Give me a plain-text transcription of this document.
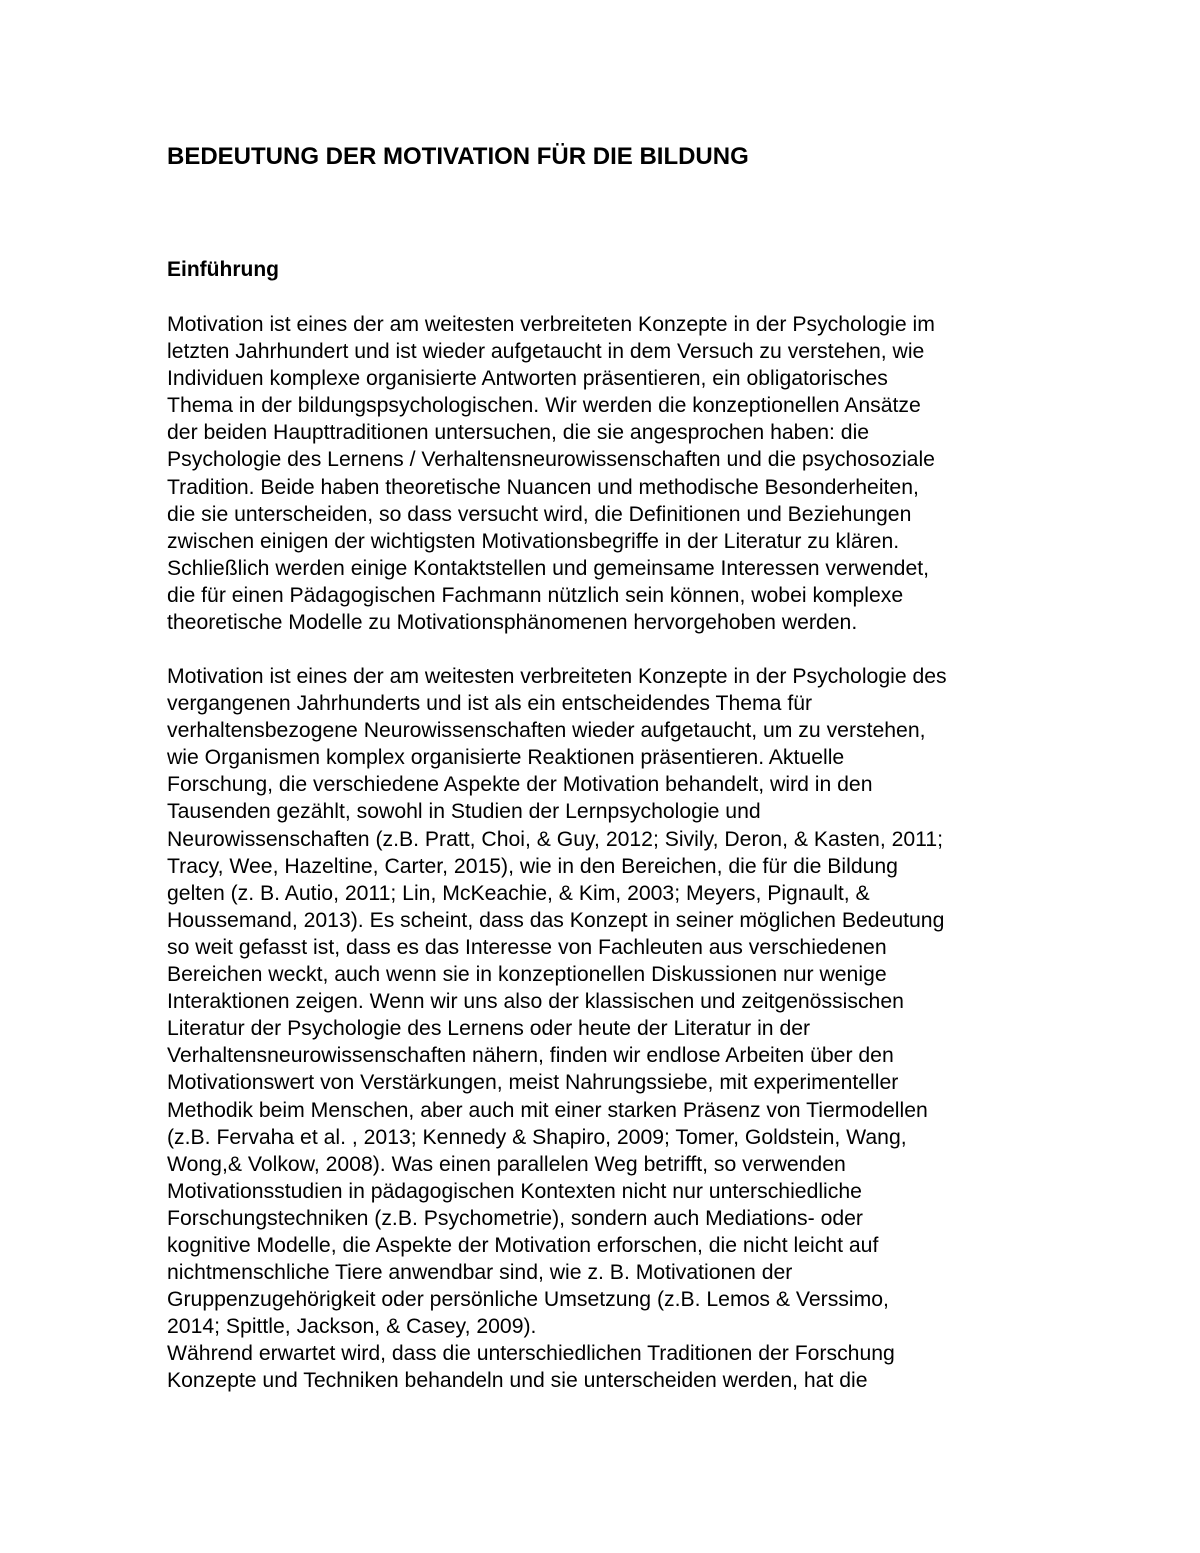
BEDEUTUNG DER MOTIVATION FÜR DIE BILDUNG
Einführung

Motivation ist eines der am weitesten verbreiteten Konzepte in der Psychologie im
letzten Jahrhundert und ist wieder aufgetaucht in dem Versuch zu verstehen, wie
Individuen komplexe organisierte Antworten präsentieren, ein obligatorisches
Thema in der bildungspsychologischen. Wir werden die konzeptionellen Ansätze
der beiden Haupttraditionen untersuchen, die sie angesprochen haben: die
Psychologie des Lernens / Verhaltensneurowissenschaften und die psychosoziale
Tradition. Beide haben theoretische Nuancen und methodische Besonderheiten,
die sie unterscheiden, so dass versucht wird, die Definitionen und Beziehungen
zwischen einigen der wichtigsten Motivationsbegriffe in der Literatur zu klären.
Schließlich werden einige Kontaktstellen und gemeinsame Interessen verwendet,
die für einen Pädagogischen Fachmann nützlich sein können, wobei komplexe
theoretische Modelle zu Motivationsphänomenen hervorgehoben werden.

Motivation ist eines der am weitesten verbreiteten Konzepte in der Psychologie des
vergangenen Jahrhunderts und ist als ein entscheidendes Thema für
verhaltensbezogene Neurowissenschaften wieder aufgetaucht, um zu verstehen,
wie Organismen komplex organisierte Reaktionen präsentieren. Aktuelle
Forschung, die verschiedene Aspekte der Motivation behandelt, wird in den
Tausenden gezählt, sowohl in Studien der Lernpsychologie und
Neurowissenschaften (z.B. Pratt, Choi, & Guy, 2012; Sivily, Deron, & Kasten, 2011;
Tracy, Wee, Hazeltine, Carter, 2015), wie in den Bereichen, die für die Bildung
gelten (z. B. Autio, 2011; Lin, McKeachie, & Kim, 2003; Meyers, Pignault, &
Houssemand, 2013). Es scheint, dass das Konzept in seiner möglichen Bedeutung
so weit gefasst ist, dass es das Interesse von Fachleuten aus verschiedenen
Bereichen weckt, auch wenn sie in konzeptionellen Diskussionen nur wenige
Interaktionen zeigen. Wenn wir uns also der klassischen und zeitgenössischen
Literatur der Psychologie des Lernens oder heute der Literatur in der
Verhaltensneurowissenschaften nähern, finden wir endlose Arbeiten über den
Motivationswert von Verstärkungen, meist Nahrungssiebe, mit experimenteller
Methodik beim Menschen, aber auch mit einer starken Präsenz von Tiermodellen
(z.B. Fervaha et al. , 2013; Kennedy & Shapiro, 2009; Tomer, Goldstein, Wang,
Wong,& Volkow, 2008). Was einen parallelen Weg betrifft, so verwenden
Motivationsstudien in pädagogischen Kontexten nicht nur unterschiedliche
Forschungstechniken (z.B. Psychometrie), sondern auch Mediations- oder
kognitive Modelle, die Aspekte der Motivation erforschen, die nicht leicht auf
nichtmenschliche Tiere anwendbar sind, wie z. B. Motivationen der
Gruppenzugehörigkeit oder persönliche Umsetzung (z.B. Lemos & Verssimo,
2014; Spittle, Jackson, & Casey, 2009).
Während erwartet wird, dass die unterschiedlichen Traditionen der Forschung
Konzepte und Techniken behandeln und sie unterscheiden werden, hat die
